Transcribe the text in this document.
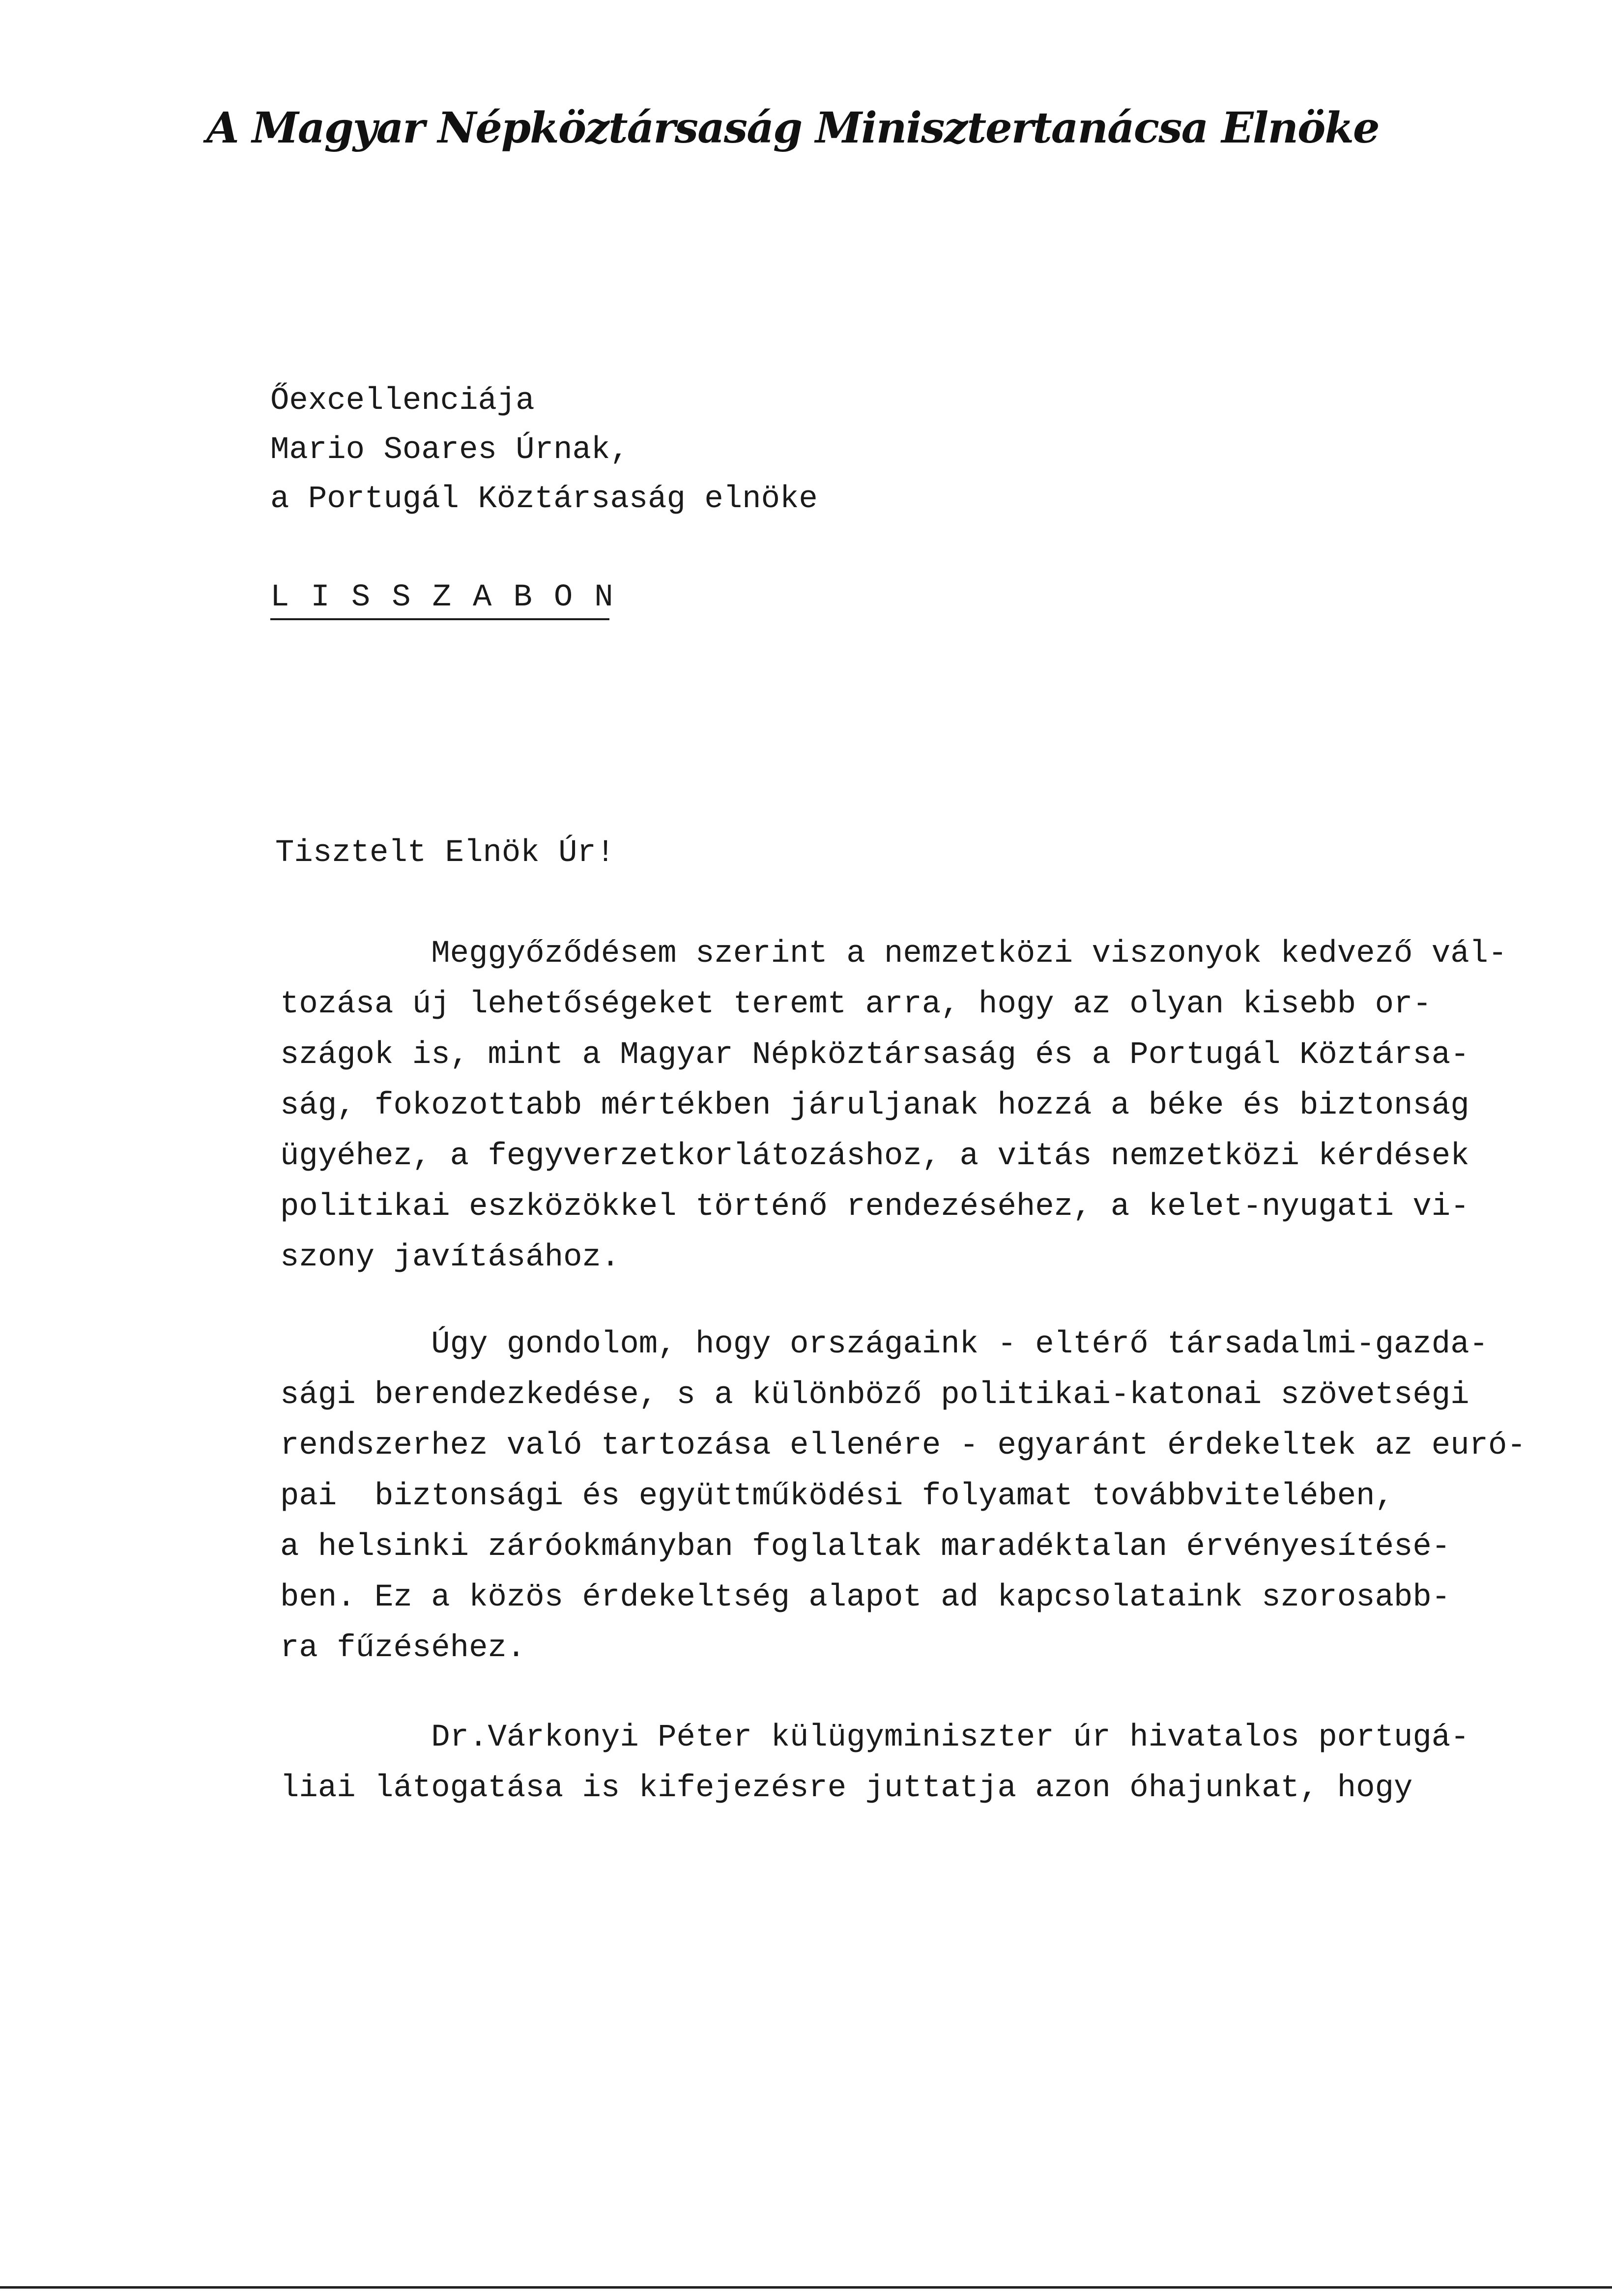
A Magyar Népköztársaság Minisztertanácsa Elnöke
Őexcellenciája
Mario Soares Úrnak,
a Portugál Köztársaság elnöke
LISSZABON
Tisztelt Elnök Úr!
Meggyőződésem szerint a nemzetközi viszonyok kedvező vál-
tozása új lehetőségeket teremt arra, hogy az olyan kisebb or-
szágok is, mint a Magyar Népköztársaság és a Portugál Köztársa-
ság, fokozottabb mértékben járuljanak hozzá a béke és biztonság
ügyéhez, a fegyverzetkorlátozáshoz, a vitás nemzetközi kérdések
politikai eszközökkel történő rendezéséhez, a kelet-nyugati vi-
szony javításához.
Úgy gondolom, hogy országaink - eltérő társadalmi-gazda-
sági berendezkedése, s a különböző politikai-katonai szövetségi
rendszerhez való tartozása ellenére - egyaránt érdekeltek az euró-
pai  biztonsági és együttműködési folyamat továbbvitelében,
a helsinki záróokmányban foglaltak maradéktalan érvényesítésé-
ben. Ez a közös érdekeltség alapot ad kapcsolataink szorosabb-
ra fűzéséhez.
Dr.Várkonyi Péter külügyminiszter úr hivatalos portugá-
liai látogatása is kifejezésre juttatja azon óhajunkat, hogy
